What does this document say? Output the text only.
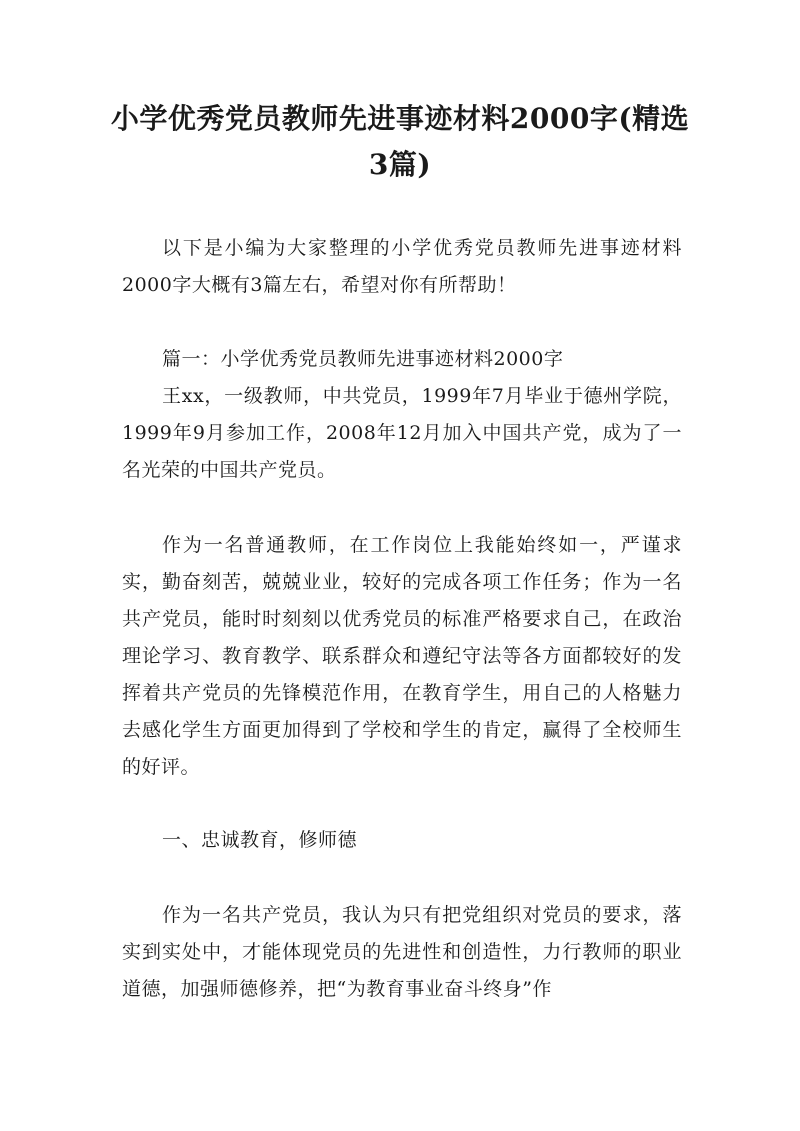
小学优秀党员教师先进事迹材料2000字(精选3篇)
以下是小编为大家整理的小学优秀党员教师先进事迹材料2000字大概有3篇左右，希望对你有所帮助！
篇一：小学优秀党员教师先进事迹材料2000字
王xx，一级教师，中共党员，1999年7月毕业于德州学院，1999年9月参加工作，2008年12月加入中国共产党，成为了一名光荣的中国共产党员。
作为一名普通教师，在工作岗位上我能始终如一，严谨求实，勤奋刻苦，兢兢业业，较好的完成各项工作任务；作为一名共产党员，能时时刻刻以优秀党员的标准严格要求自己，在政治理论学习、教育教学、联系群众和遵纪守法等各方面都较好的发挥着共产党员的先锋模范作用，在教育学生，用自己的人格魅力去感化学生方面更加得到了学校和学生的肯定，赢得了全校师生的好评。
一、忠诚教育，修师德
作为一名共产党员，我认为只有把党组织对党员的要求，落实到实处中，才能体现党员的先进性和创造性，力行教师的职业道德，加强师德修养，把“为教育事业奋斗终身”作
